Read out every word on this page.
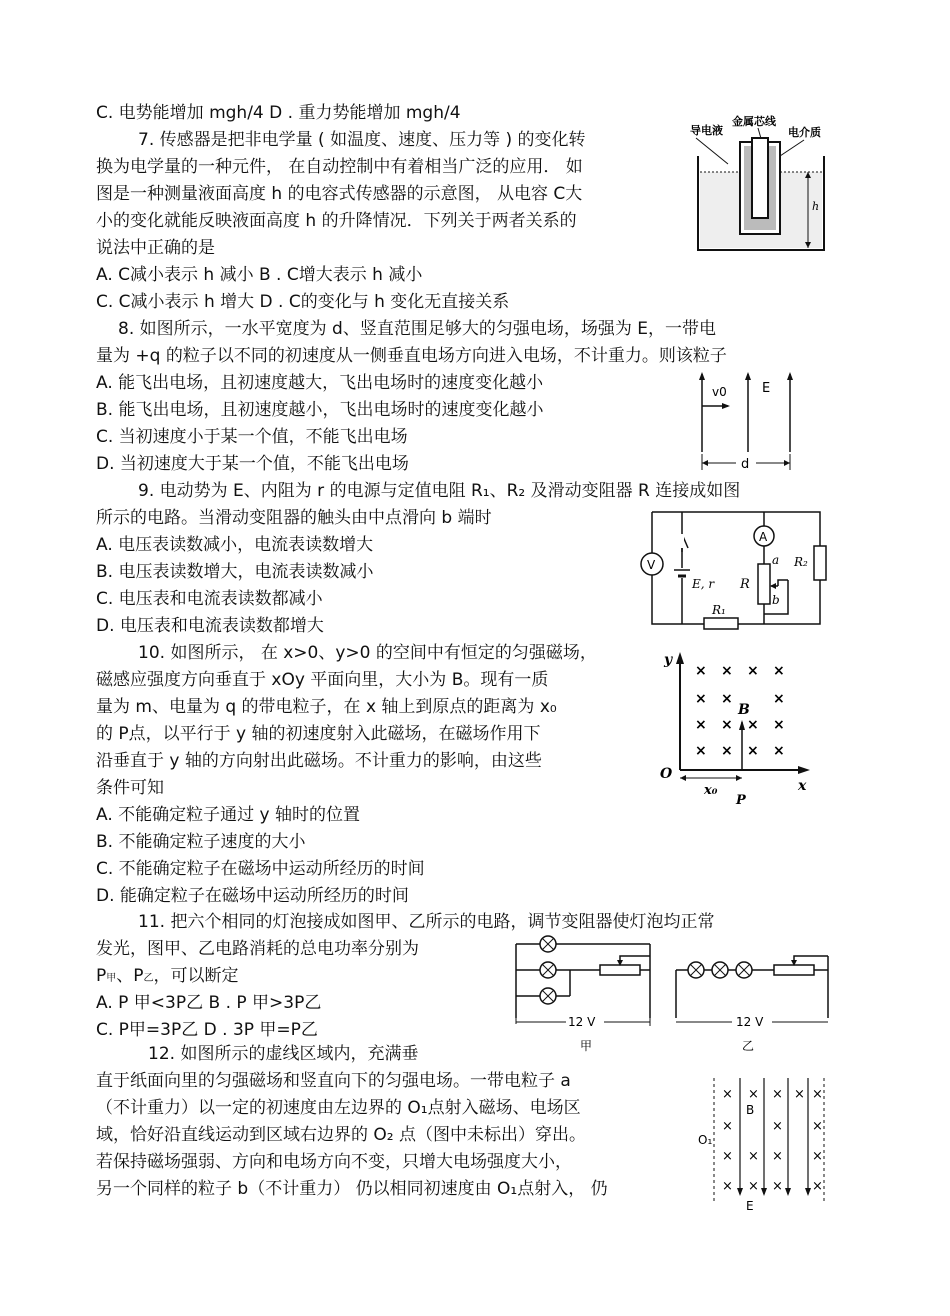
C. 电势能增加 mgh/4 D . 重力势能增加 mgh/4
7. 传感器是把非电学量 ( 如温度、速度、压力等 ) 的变化转
换为电学量的一种元件， 在自动控制中有着相当广泛的应用． 如
图是一种测量液面高度 h 的电容式传感器的示意图， 从电容 C大
小的变化就能反映液面高度 h 的升降情况．下列关于两者关系的
说法中正确的是
A. C减小表示 h 减小 B . C增大表示 h 减小
C. C减小表示 h 增大 D . C的变化与 h 变化无直接关系
导电液
金属芯线
电介质
h
8. 如图所示，一水平宽度为 d、竖直范围足够大的匀强电场，场强为 E，一带电
量为 +q 的粒子以不同的初速度从一侧垂直电场方向进入电场，不计重力。则该粒子
A. 能飞出电场，且初速度越大，飞出电场时的速度变化越小
B. 能飞出电场，且初速度越小，飞出电场时的速度变化越小
C. 当初速度小于某一个值，不能飞出电场
D. 当初速度大于某一个值，不能飞出电场
v0	E
d
9. 电动势为 E、内阻为 r 的电源与定值电阻 R₁、R₂ 及滑动变阻器 R 连接成如图
所示的电路。当滑动变阻器的触头由中点滑向 b 端时
A. 电压表读数减小，电流表读数增大
B. 电压表读数增大，电流表读数减小
C. 电压表和电流表读数都减小
D. 电压表和电流表读数都增大
V
E, r
R₁
A
R
a
b
R₂
10. 如图所示， 在 x>0、y>0 的空间中有恒定的匀强磁场，
磁感应强度方向垂直于 xOy 平面向里，大小为 B。现有一质
量为 m、电量为 q 的带电粒子，在 x 轴上到原点的距离为 x₀
的 P点，以平行于 y 轴的初速度射入此磁场，在磁场作用下
沿垂直于 y 轴的方向射出此磁场。不计重力的影响，由这些
条件可知
A. 不能确定粒子通过 y 轴时的位置
B. 不能确定粒子速度的大小
C. 不能确定粒子在磁场中运动所经历的时间
D. 能确定粒子在磁场中运动所经历的时间
y
x
O
× × × ×
× ×	×
× × × ×
× × × ×
B
x₀
P
11. 把六个相同的灯泡接成如图甲、乙所示的电路，调节变阻器使灯泡均正常
发光，图甲、乙电路消耗的总电功率分别为
P甲、P乙，可以断定
A. P 甲<3P乙 B . P 甲>3P乙
C. P甲=3P乙 D . 3P 甲=P乙	12 V
甲
12 V
乙
12. 如图所示的虚线区域内，充满垂
直于纸面向里的匀强磁场和竖直向下的匀强电场。一带电粒子 a
（不计重力）以一定的初速度由左边界的 O₁点射入磁场、电场区
域，恰好沿直线运动到区域右边界的 O₂ 点（图中未标出）穿出。
若保持磁场强弱、方向和电场方向不变，只增大电场强度大小，
另一个同样的粒子 b（不计重力） 仍以相同初速度由 O₁点射入， 仍
× × × × ×
×	× ×
× × × ×
× × × ×
B
E
O₁
